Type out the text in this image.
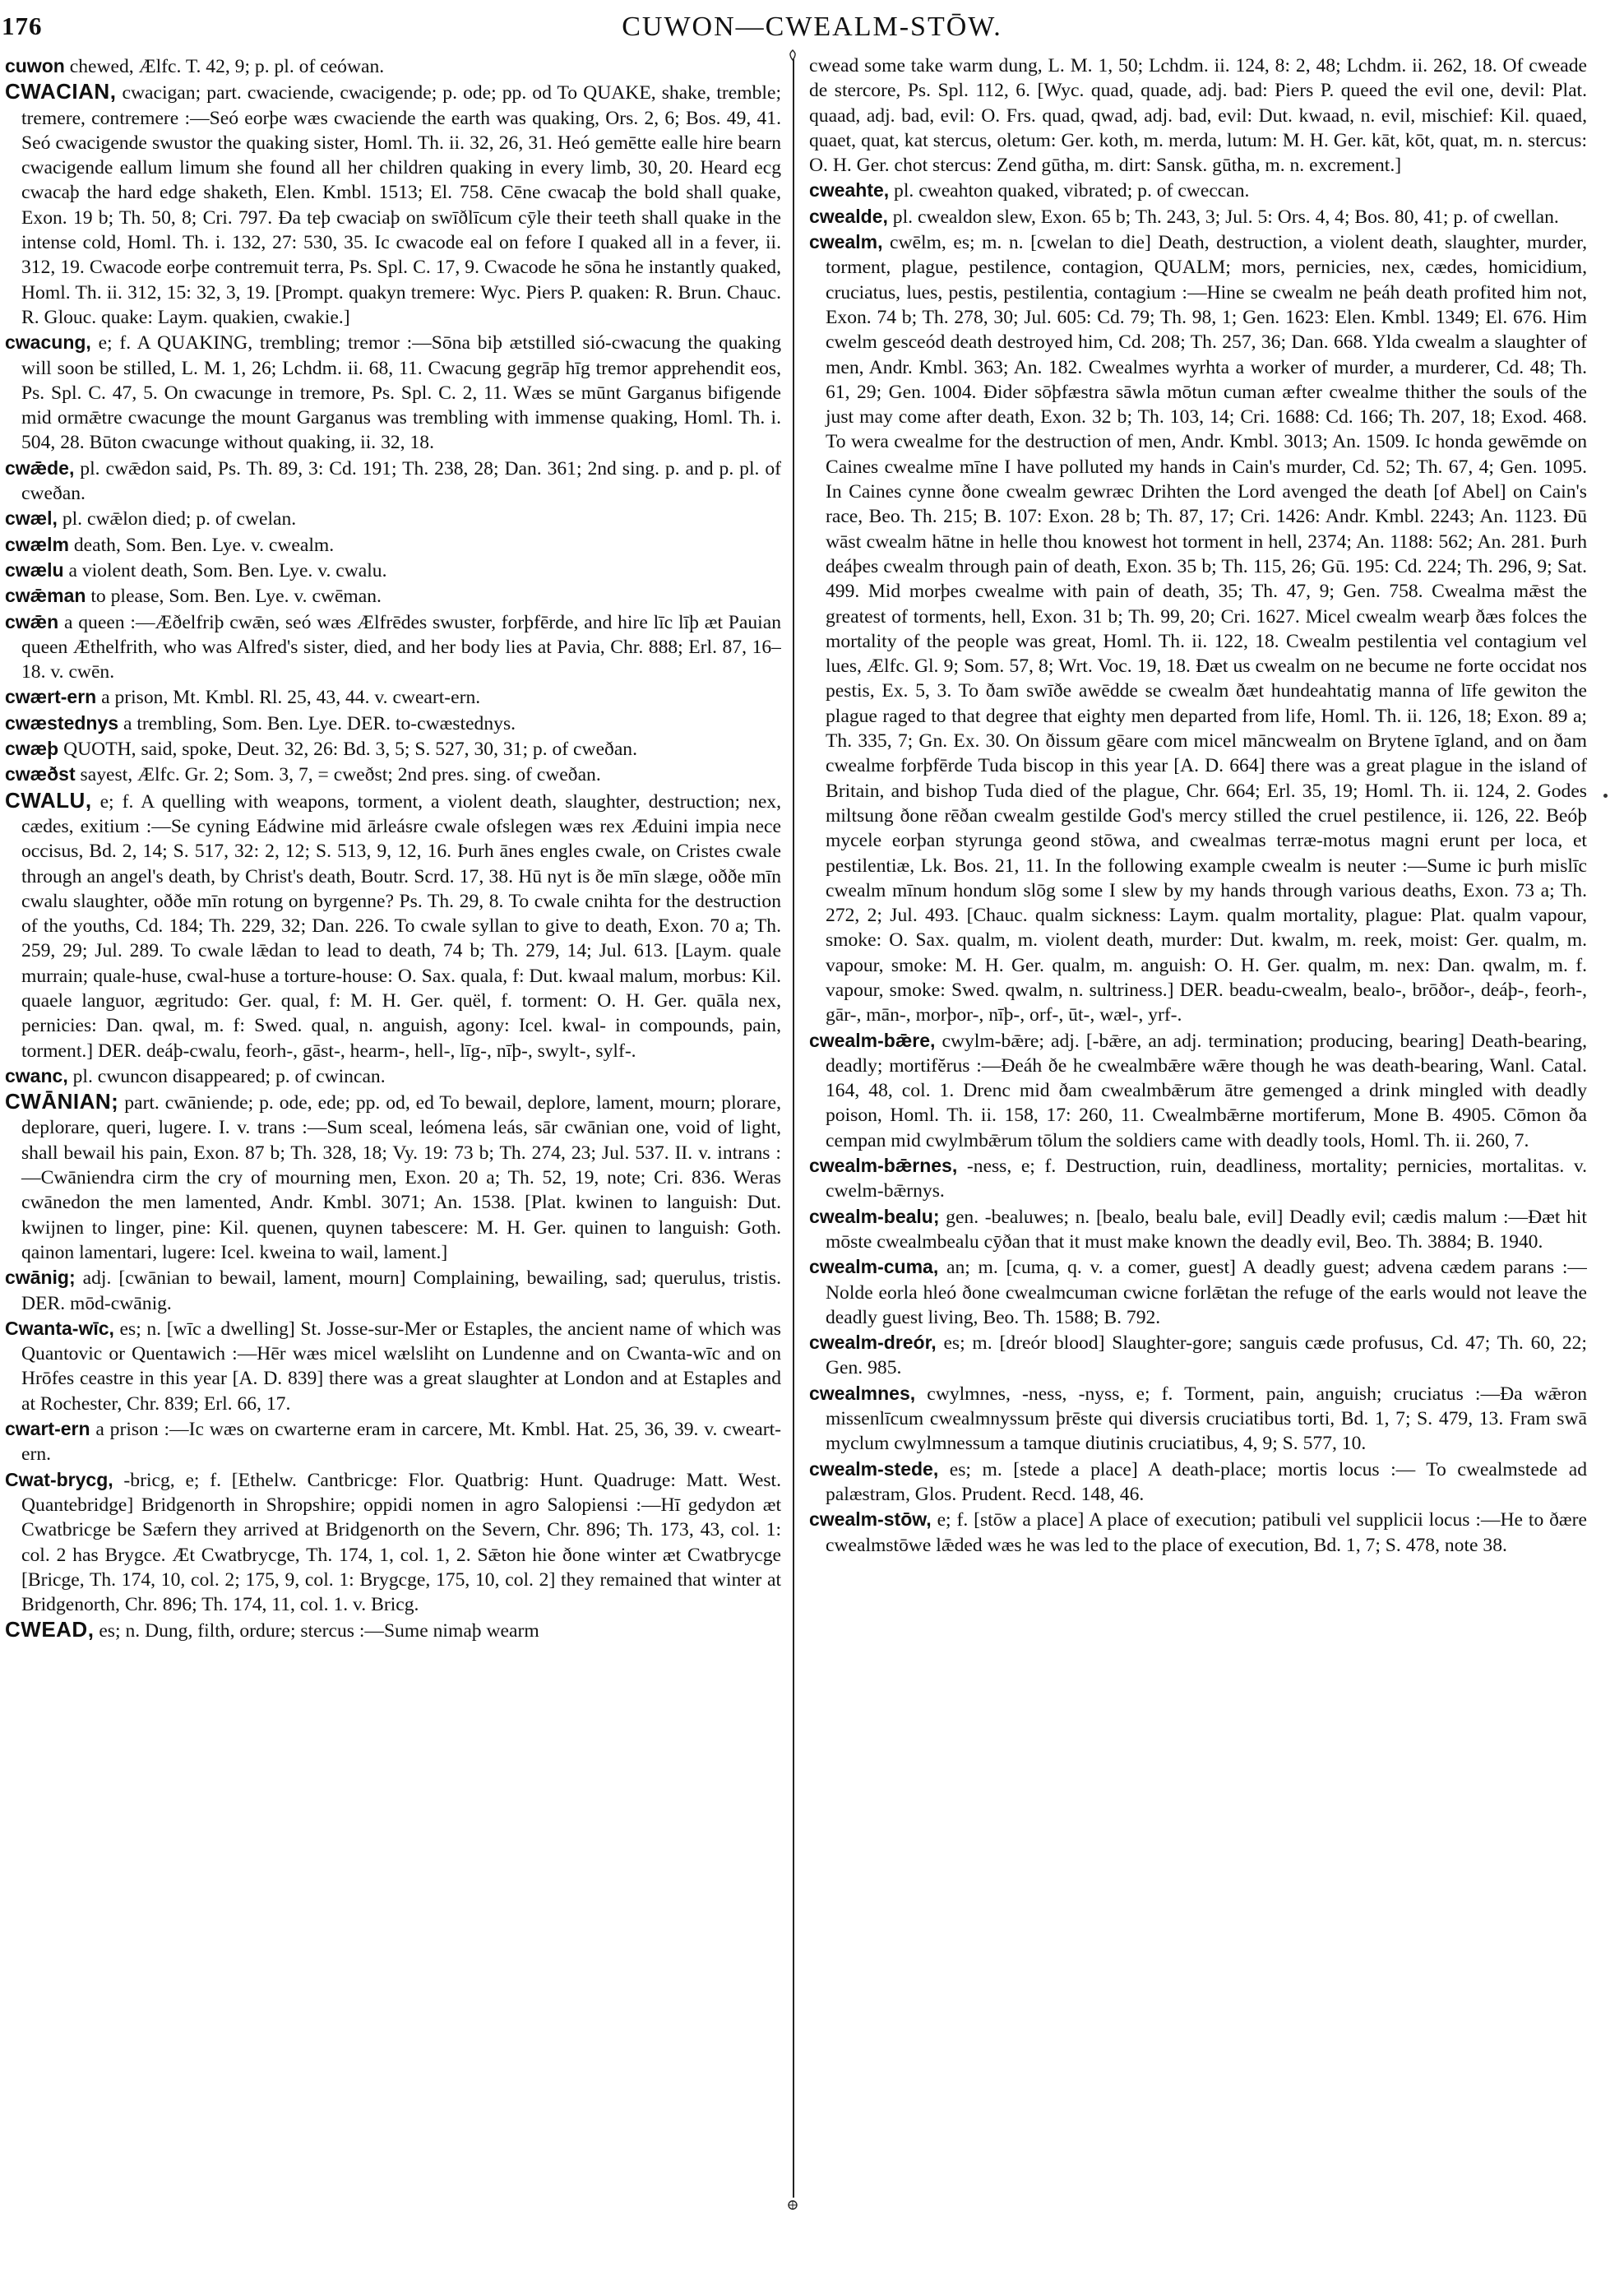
176	CUWON—CWEALM-STŌW.
cuwon chewed, Ælfc. T. 42, 9; p. pl. of ceówan.
CWACIAN, cwacigan; part. cwaciende, cwacigende; p. ode; pp. od To QUAKE, shake, tremble; tremere, contremere :—Seó eorþe wæs cwaciende the earth was quaking, Ors. 2, 6; Bos. 49, 41. Seó cwacigende swustor the quaking sister, Homl. Th. ii. 32, 26, 31. Heó gemētte ealle hire bearn cwacigende eallum limum she found all her children quaking in every limb, 30, 20. Heard ecg cwacaþ the hard edge shaketh, Elen. Kmbl. 1513; El. 758. Cēne cwacaþ the bold shall quake, Exon. 19 b; Th. 50, 8; Cri. 797. Ða teþ cwaciaþ on swīðlīcum cȳle their teeth shall quake in the intense cold, Homl. Th. i. 132, 27: 530, 35. Ic cwacode eal on fefore I quaked all in a fever, ii. 312, 19. Cwacode eorþe contremuit terra, Ps. Spl. C. 17, 9. Cwacode he sōna he instantly quaked, Homl. Th. ii. 312, 15: 32, 3, 19. [Prompt. quakyn tremere: Wyc. Piers P. quaken: R. Brun. Chauc. R. Glouc. quake: Laym. quakien, cwakie.]
cwacung, e; f. A QUAKING, trembling; tremor :—Sōna biþ ætstilled sió-cwacung the quaking will soon be stilled, L. M. 1, 26; Lchdm. ii. 68, 11. Cwacung gegrāp hīg tremor apprehendit eos, Ps. Spl. C. 47, 5. On cwacunge in tremore, Ps. Spl. C. 2, 11. Wæs se mūnt Garganus bifigende mid ormǣtre cwacunge the mount Garganus was trembling with immense quaking, Homl. Th. i. 504, 28. Būton cwacunge without quaking, ii. 32, 18.
cwǣde, pl. cwǣdon said, Ps. Th. 89, 3: Cd. 191; Th. 238, 28; Dan. 361; 2nd sing. p. and p. pl. of cweðan.
cwæl, pl. cwǣlon died; p. of cwelan.
cwælm death, Som. Ben. Lye. v. cwealm.
cwælu a violent death, Som. Ben. Lye. v. cwalu.
cwǣman to please, Som. Ben. Lye. v. cwēman.
cwǣn a queen :—Æðelfriþ cwǣn, seó wæs Ælfrēdes swuster, forþfērde, and hire līc līþ æt Pauian queen Æthelfrith, who was Alfred's sister, died, and her body lies at Pavia, Chr. 888; Erl. 87, 16–18. v. cwēn.
cwært-ern a prison, Mt. Kmbl. Rl. 25, 43, 44. v. cweart-ern.
cwæstednys a trembling, Som. Ben. Lye. DER. to-cwæstednys.
cwæþ QUOTH, said, spoke, Deut. 32, 26: Bd. 3, 5; S. 527, 30, 31; p. of cweðan.
cwæðst sayest, Ælfc. Gr. 2; Som. 3, 7, = cweðst; 2nd pres. sing. of cweðan.
CWALU, e; f. A quelling with weapons, torment, a violent death, slaughter, destruction; nex, cædes, exitium :—Se cyning Eádwine mid ārleásre cwale ofslegen wæs rex Æduini impia nece occisus, Bd. 2, 14; S. 517, 32: 2, 12; S. 513, 9, 12, 16. Þurh ānes engles cwale, on Cristes cwale through an angel's death, by Christ's death, Boutr. Scrd. 17, 38. Hū nyt is ðe mīn slæge, oððe mīn cwalu slaughter, oððe mīn rotung on byrgenne? Ps. Th. 29, 8. To cwale cnihta for the destruction of the youths, Cd. 184; Th. 229, 32; Dan. 226. To cwale syllan to give to death, Exon. 70 a; Th. 259, 29; Jul. 289. To cwale lǣdan to lead to death, 74 b; Th. 279, 14; Jul. 613. [Laym. quale murrain; quale-huse, cwal-huse a torture-house: O. Sax. quala, f: Dut. kwaal malum, morbus: Kil. quaele languor, ægritudo: Ger. qual, f: M. H. Ger. quël, f. torment: O. H. Ger. quāla nex, pernicies: Dan. qwal, m. f: Swed. qual, n. anguish, agony: Icel. kwal- in compounds, pain, torment.] DER. deáþ-cwalu, feorh-, gāst-, hearm-, hell-, līg-, nīþ-, swylt-, sylf-.
cwanc, pl. cwuncon disappeared; p. of cwincan.
CWĀNIAN; part. cwāniende; p. ode, ede; pp. od, ed To bewail, deplore, lament, mourn; plorare, deplorare, queri, lugere. I. v. trans :—Sum sceal, leómena leás, sār cwānian one, void of light, shall bewail his pain, Exon. 87 b; Th. 328, 18; Vy. 19: 73 b; Th. 274, 23; Jul. 537. II. v. intrans :—Cwāniendra cirm the cry of mourning men, Exon. 20 a; Th. 52, 19, note; Cri. 836. Weras cwānedon the men lamented, Andr. Kmbl. 3071; An. 1538. [Plat. kwinen to languish: Dut. kwijnen to linger, pine: Kil. quenen, quynen tabescere: M. H. Ger. quinen to languish: Goth. qainon lamentari, lugere: Icel. kweina to wail, lament.]
cwānig; adj. [cwānian to bewail, lament, mourn] Complaining, bewailing, sad; querulus, tristis. DER. mōd-cwānig.
Cwanta-wīc, es; n. [wīc a dwelling] St. Josse-sur-Mer or Estaples, the ancient name of which was Quantovic or Quentawich :—Hēr wæs micel wælsliht on Lundenne and on Cwanta-wīc and on Hrōfes ceastre in this year [A. D. 839] there was a great slaughter at London and at Estaples and at Rochester, Chr. 839; Erl. 66, 17.
cwart-ern a prison :—Ic wæs on cwarterne eram in carcere, Mt. Kmbl. Hat. 25, 36, 39. v. cweart-ern.
Cwat-brycg, -bricg, e; f. [Ethelw. Cantbricge: Flor. Quatbrig: Hunt. Quadruge: Matt. West. Quantebridge] Bridgenorth in Shropshire; oppidi nomen in agro Salopiensi :—Hī gedydon æt Cwatbricge be Sæfern they arrived at Bridgenorth on the Severn, Chr. 896; Th. 173, 43, col. 1: col. 2 has Brygce. Æt Cwatbrycge, Th. 174, 1, col. 1, 2. Sǣton hie ðone winter æt Cwatbrycge [Bricge, Th. 174, 10, col. 2; 175, 9, col. 1: Brygcge, 175, 10, col. 2] they remained that winter at Bridgenorth, Chr. 896; Th. 174, 11, col. 1. v. Bricg.
CWEAD, es; n. Dung, filth, ordure; stercus :—Sume nimaþ wearm
cwead some take warm dung, L. M. 1, 50; Lchdm. ii. 124, 8: 2, 48; Lchdm. ii. 262, 18. Of cweade de stercore, Ps. Spl. 112, 6. [Wyc. quad, quade, adj. bad: Piers P. queed the evil one, devil: Plat. quaad, adj. bad, evil: O. Frs. quad, qwad, adj. bad, evil: Dut. kwaad, n. evil, mischief: Kil. quaed, quaet, quat, kat stercus, oletum: Ger. koth, m. merda, lutum: M. H. Ger. kāt, kōt, quat, m. n. stercus: O. H. Ger. chot stercus: Zend gūtha, m. dirt: Sansk. gūtha, m. n. excrement.]
cweahte, pl. cweahton quaked, vibrated; p. of cweccan.
cwealde, pl. cwealdon slew, Exon. 65 b; Th. 243, 3; Jul. 5: Ors. 4, 4; Bos. 80, 41; p. of cwellan.
cwealm, cwēlm, es; m. n. [cwelan to die] Death, destruction, a violent death, slaughter, murder, torment, plague, pestilence, contagion, QUALM; mors, pernicies, nex, cædes, homicidium, cruciatus, lues, pestis, pestilentia, contagium :—Hine se cwealm ne þeáh death profited him not, Exon. 74 b; Th. 278, 30; Jul. 605: Cd. 79; Th. 98, 1; Gen. 1623: Elen. Kmbl. 1349; El. 676. Him cwelm gesceód death destroyed him, Cd. 208; Th. 257, 36; Dan. 668. Ylda cwealm a slaughter of men, Andr. Kmbl. 363; An. 182. Cwealmes wyrhta a worker of murder, a murderer, Cd. 48; Th. 61, 29; Gen. 1004. Ðider sōþfæstra sāwla mōtun cuman æfter cwealme thither the souls of the just may come after death, Exon. 32 b; Th. 103, 14; Cri. 1688: Cd. 166; Th. 207, 18; Exod. 468. To wera cwealme for the destruction of men, Andr. Kmbl. 3013; An. 1509. Ic honda gewēmde on Caines cwealme mīne I have polluted my hands in Cain's murder, Cd. 52; Th. 67, 4; Gen. 1095. In Caines cynne ðone cwealm gewræc Drihten the Lord avenged the death [of Abel] on Cain's race, Beo. Th. 215; B. 107: Exon. 28 b; Th. 87, 17; Cri. 1426: Andr. Kmbl. 2243; An. 1123. Ðū wāst cwealm hātne in helle thou knowest hot torment in hell, 2374; An. 1188: 562; An. 281. Þurh deáþes cwealm through pain of death, Exon. 35 b; Th. 115, 26; Gū. 195: Cd. 224; Th. 296, 9; Sat. 499. Mid morþes cwealme with pain of death, 35; Th. 47, 9; Gen. 758. Cwealma mǣst the greatest of torments, hell, Exon. 31 b; Th. 99, 20; Cri. 1627. Micel cwealm wearþ ðæs folces the mortality of the people was great, Homl. Th. ii. 122, 18. Cwealm pestilentia vel contagium vel lues, Ælfc. Gl. 9; Som. 57, 8; Wrt. Voc. 19, 18. Ðæt us cwealm on ne becume ne forte occidat nos pestis, Ex. 5, 3. To ðam swīðe awēdde se cwealm ðæt hundeahtatig manna of līfe gewiton the plague raged to that degree that eighty men departed from life, Homl. Th. ii. 126, 18; Exon. 89 a; Th. 335, 7; Gn. Ex. 30. On ðissum gēare com micel māncwealm on Brytene īgland, and on ðam cwealme forþfērde Tuda biscop in this year [A. D. 664] there was a great plague in the island of Britain, and bishop Tuda died of the plague, Chr. 664; Erl. 35, 19; Homl. Th. ii. 124, 2. Godes miltsung ðone rēðan cwealm gestilde God's mercy stilled the cruel pestilence, ii. 126, 22. Beóþ mycele eorþan styrunga geond stōwa, and cwealmas terræ-motus magni erunt per loca, et pestilentiæ, Lk. Bos. 21, 11. In the following example cwealm is neuter :—Sume ic þurh mislīc cwealm mīnum hondum slōg some I slew by my hands through various deaths, Exon. 73 a; Th. 272, 2; Jul. 493. [Chauc. qualm sickness: Laym. qualm mortality, plague: Plat. qualm vapour, smoke: O. Sax. qualm, m. violent death, murder: Dut. kwalm, m. reek, moist: Ger. qualm, m. vapour, smoke: M. H. Ger. qualm, m. anguish: O. H. Ger. qualm, m. nex: Dan. qwalm, m. f. vapour, smoke: Swed. qwalm, n. sultriness.] DER. beadu-cwealm, bealo-, brōðor-, deáþ-, feorh-, gār-, mān-, morþor-, nīþ-, orf-, ūt-, wæl-, yrf-.
cwealm-bǣre, cwylm-bǣre; adj. [-bǣre, an adj. termination; producing, bearing] Death-bearing, deadly; mortifĕrus :—Ðeáh ðe he cwealmbǣre wǣre though he was death-bearing, Wanl. Catal. 164, 48, col. 1. Drenc mid ðam cwealmbǣrum ātre gemenged a drink mingled with deadly poison, Homl. Th. ii. 158, 17: 260, 11. Cwealmbǣrne mortiferum, Mone B. 4905. Cōmon ða cempan mid cwylmbǣrum tōlum the soldiers came with deadly tools, Homl. Th. ii. 260, 7.
cwealm-bǣrnes, -ness, e; f. Destruction, ruin, deadliness, mortality; pernicies, mortalitas. v. cwelm-bǣrnys.
cwealm-bealu; gen. -bealuwes; n. [bealo, bealu bale, evil] Deadly evil; cædis malum :—Ðæt hit mōste cwealmbealu cȳðan that it must make known the deadly evil, Beo. Th. 3884; B. 1940.
cwealm-cuma, an; m. [cuma, q. v. a comer, guest] A deadly guest; advena cædem parans :—Nolde eorla hleó ðone cwealmcuman cwicne forlǣtan the refuge of the earls would not leave the deadly guest living, Beo. Th. 1588; B. 792.
cwealm-dreór, es; m. [dreór blood] Slaughter-gore; sanguis cæde profusus, Cd. 47; Th. 60, 22; Gen. 985.
cwealmnes, cwylmnes, -ness, -nyss, e; f. Torment, pain, anguish; cruciatus :—Ða wǣron missenlīcum cwealmnyssum þrēste qui diversis cruciatibus torti, Bd. 1, 7; S. 479, 13. Fram swā myclum cwylmnessum a tamque diutinis cruciatibus, 4, 9; S. 577, 10.
cwealm-stede, es; m. [stede a place] A death-place; mortis locus :— To cwealmstede ad palæstram, Glos. Prudent. Recd. 148, 46.
cwealm-stōw, e; f. [stōw a place] A place of execution; patibuli vel supplicii locus :—He to ðære cwealmstōwe lǣded wæs he was led to the place of execution, Bd. 1, 7; S. 478, note 38.
